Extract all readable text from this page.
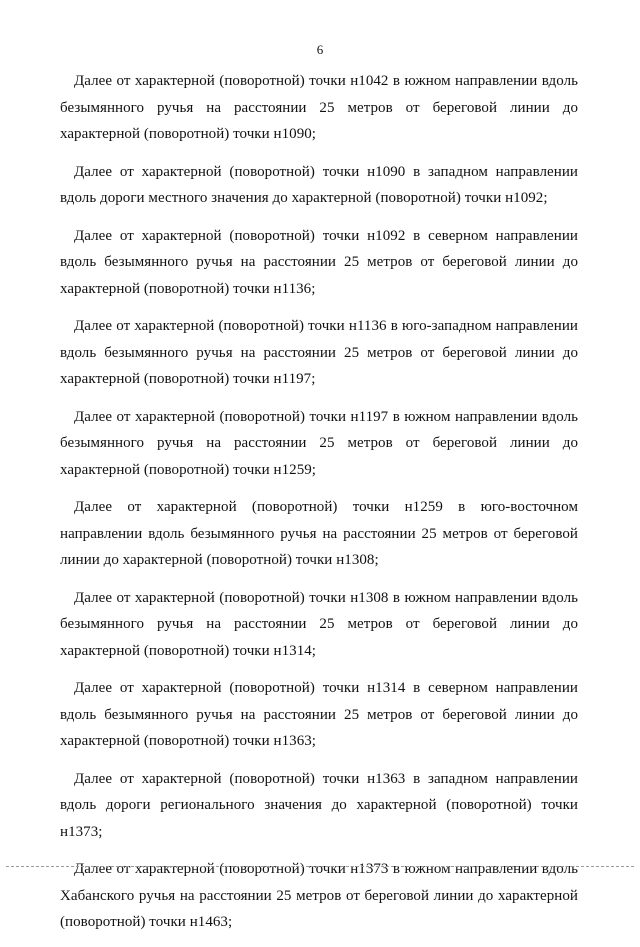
6

Далее от характерной (поворотной) точки н1042 в южном направлении вдоль безымянного ручья на расстоянии 25 метров от береговой линии до характерной (поворотной) точки н1090;

Далее от характерной (поворотной) точки н1090 в западном направлении вдоль дороги местного значения до характерной (поворотной) точки н1092;

Далее от характерной (поворотной) точки н1092 в северном направлении вдоль безымянного ручья на расстоянии 25 метров от береговой линии до характерной (поворотной) точки н1136;

Далее от характерной (поворотной) точки н1136 в юго-западном направлении вдоль безымянного ручья на расстоянии 25 метров от береговой линии до характерной (поворотной) точки н1197;

Далее от характерной (поворотной) точки н1197 в южном направлении вдоль безымянного ручья на расстоянии 25 метров от береговой линии до характерной (поворотной) точки н1259;

Далее от характерной (поворотной) точки н1259 в юго-восточном направлении вдоль безымянного ручья на расстоянии 25 метров от береговой линии до характерной (поворотной) точки н1308;

Далее от характерной (поворотной) точки н1308 в южном направлении вдоль безымянного ручья на расстоянии 25 метров от береговой линии до характерной (поворотной) точки н1314;

Далее от характерной (поворотной) точки н1314 в северном направлении вдоль безымянного ручья на расстоянии 25 метров от береговой линии до характерной (поворотной) точки н1363;

Далее от характерной (поворотной) точки н1363 в западном направлении вдоль дороги регионального значения до характерной (поворотной) точки н1373;

Далее от характерной (поворотной) точки н1373 в южном направлении вдоль Хабанского ручья на расстоянии 25 метров от береговой линии до характерной (поворотной) точки н1463;
